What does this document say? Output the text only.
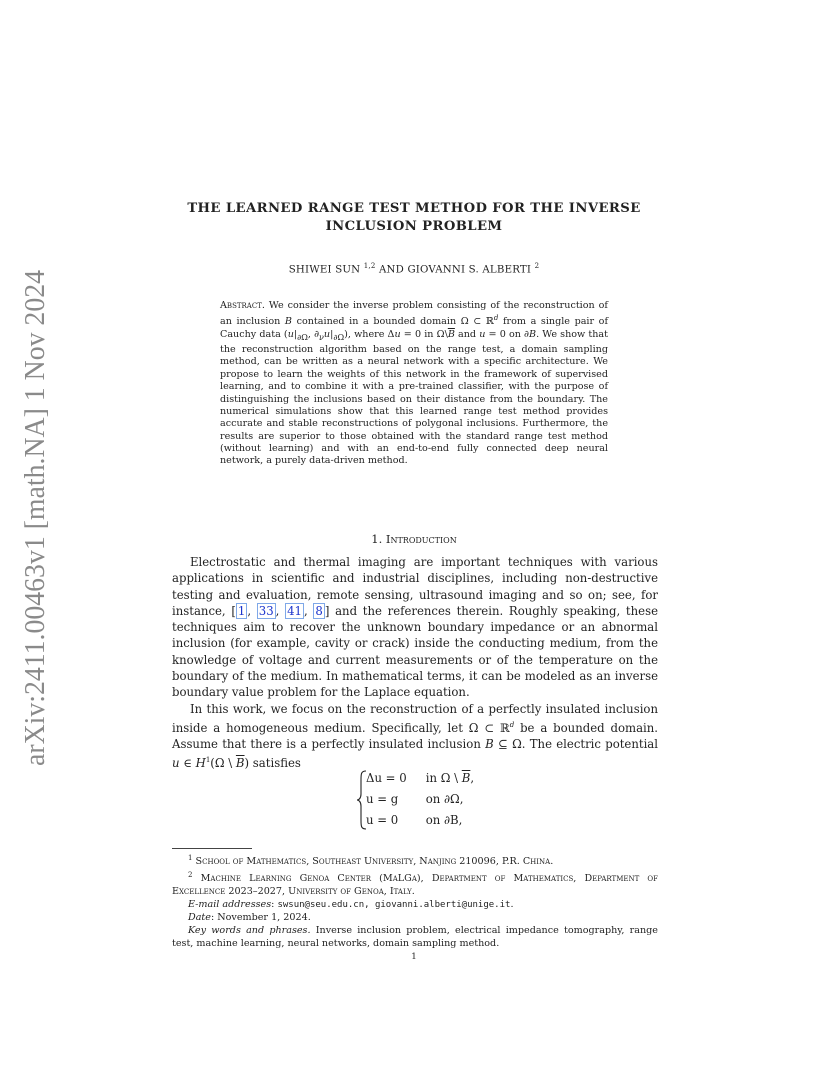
arXiv:2411.00463v1 [math.NA] 1 Nov 2024
THE LEARNED RANGE TEST METHOD FOR THE INVERSE
INCLUSION PROBLEM
SHIWEI SUN $^{1,2}$ AND GIOVANNI S. ALBERTI $^2$
Abstract. We consider the inverse problem consisting of the reconstruction of an inclusion B contained in a bounded domain Ω ⊂ ℝ$^d$ from a single pair of Cauchy data ($u|_{\partial\Omega}$, $\partial_\nu u|_{\partial\Omega}$), where Δu = 0 in $\Omega\backslash\overline{B}$ and u = 0 on ∂B. We show that the reconstruction algorithm based on the range test, a domain sampling method, can be written as a neural network with a specific architecture. We propose to learn the weights of this network in the framework of supervised learning, and to combine it with a pre-trained classifier, with the purpose of distinguishing the inclusions based on their distance from the boundary. The numerical simulations show that this learned range test method provides accurate and stable reconstructions of polygonal inclusions. Furthermore, the results are superior to those obtained with the standard range test method (without learning) and with an end-to-end fully connected deep neural network, a purely data-driven method.
1. Introduction

Electrostatic and thermal imaging are important techniques with various applications in scientific and industrial disciplines, including non-destructive testing and evaluation, remote sensing, ultrasound imaging and so on; see, for instance, [ 1 , 33 , 41 , 8 ] and the references therein. Roughly speaking, these techniques aim to recover the unknown boundary impedance or an abnormal inclusion (for example, cavity or crack) inside the conducting medium, from the knowledge of voltage and current measurements or of the temperature on the boundary of the medium. In mathematical terms, it can be modeled as an inverse boundary value problem for the Laplace equation.

In this work, we focus on the reconstruction of a perfectly insulated inclusion inside a homogeneous medium. Specifically, let Ω ⊂ ℝ$^d$ be a bounded domain. Assume that there is a perfectly insulated inclusion B ⊆ Ω. The electric potential u ∈ $H^1(\Omega$ \ $\overline{B}$) satisfies

Δu = 0 in Ω \ $\overline{B}$,
u = g on ∂Ω,
u = 0 on ∂B,
$^1$ School of Mathematics, Southeast University, Nanjing 210096, P.R. China.
$^2$ Machine Learning Genoa Center (MaLGa), Department of Mathematics, Department of Excellence 2023–2027, University of Genoa, Italy.
E-mail addresses: swsun@seu.edu.cn, giovanni.alberti@unige.it.
Date: November 1, 2024.
Key words and phrases. Inverse inclusion problem, electrical impedance tomography, range test, machine learning, neural networks, domain sampling method.
1
